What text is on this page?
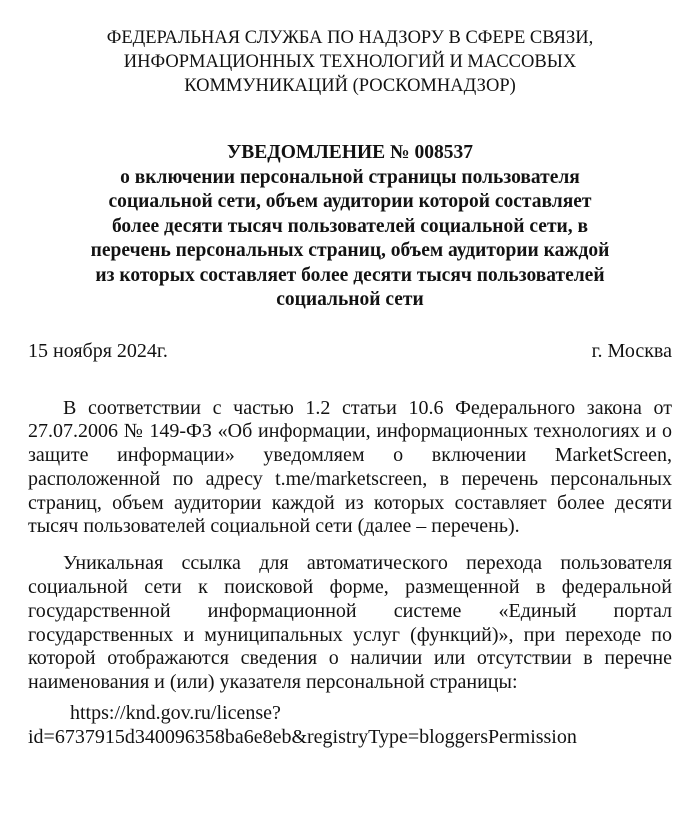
ФЕДЕРАЛЬНАЯ СЛУЖБА ПО НАДЗОРУ В СФЕРЕ СВЯЗИ,
ИНФОРМАЦИОННЫХ ТЕХНОЛОГИЙ И МАССОВЫХ
КОММУНИКАЦИЙ (РОСКОМНАДЗОР)
УВЕДОМЛЕНИЕ № 008537
о включении персональной страницы пользователя
социальной сети, объем аудитории которой составляет
более десяти тысяч пользователей социальной сети, в
перечень персональных страниц, объем аудитории каждой
из которых составляет более десяти тысяч пользователей
социальной сети
15 ноября 2024г.	г. Москва

В соответствии с частью 1.2 статьи 10.6 Федерального закона от 27.07.2006 № 149-ФЗ «Об информации, информационных технологиях и о защите информации» уведомляем о включении MarketScreen, расположенной по адресу t.me/marketscreen, в перечень персональных страниц, объем аудитории каждой из которых составляет более десяти тысяч пользователей социальной сети (далее – перечень).

Уникальная ссылка для автоматического перехода пользователя социальной сети к поисковой форме, размещенной в федеральной государственной информационной системе «Единый портал государственных и муниципальных услуг (функций)», при переходе по которой отображаются сведения о наличии или отсутствии в перечне наименования и (или) указателя персональной страницы:

https://knd.gov.ru/license?
id=6737915d340096358ba6e8eb&registryType=bloggersPermission
